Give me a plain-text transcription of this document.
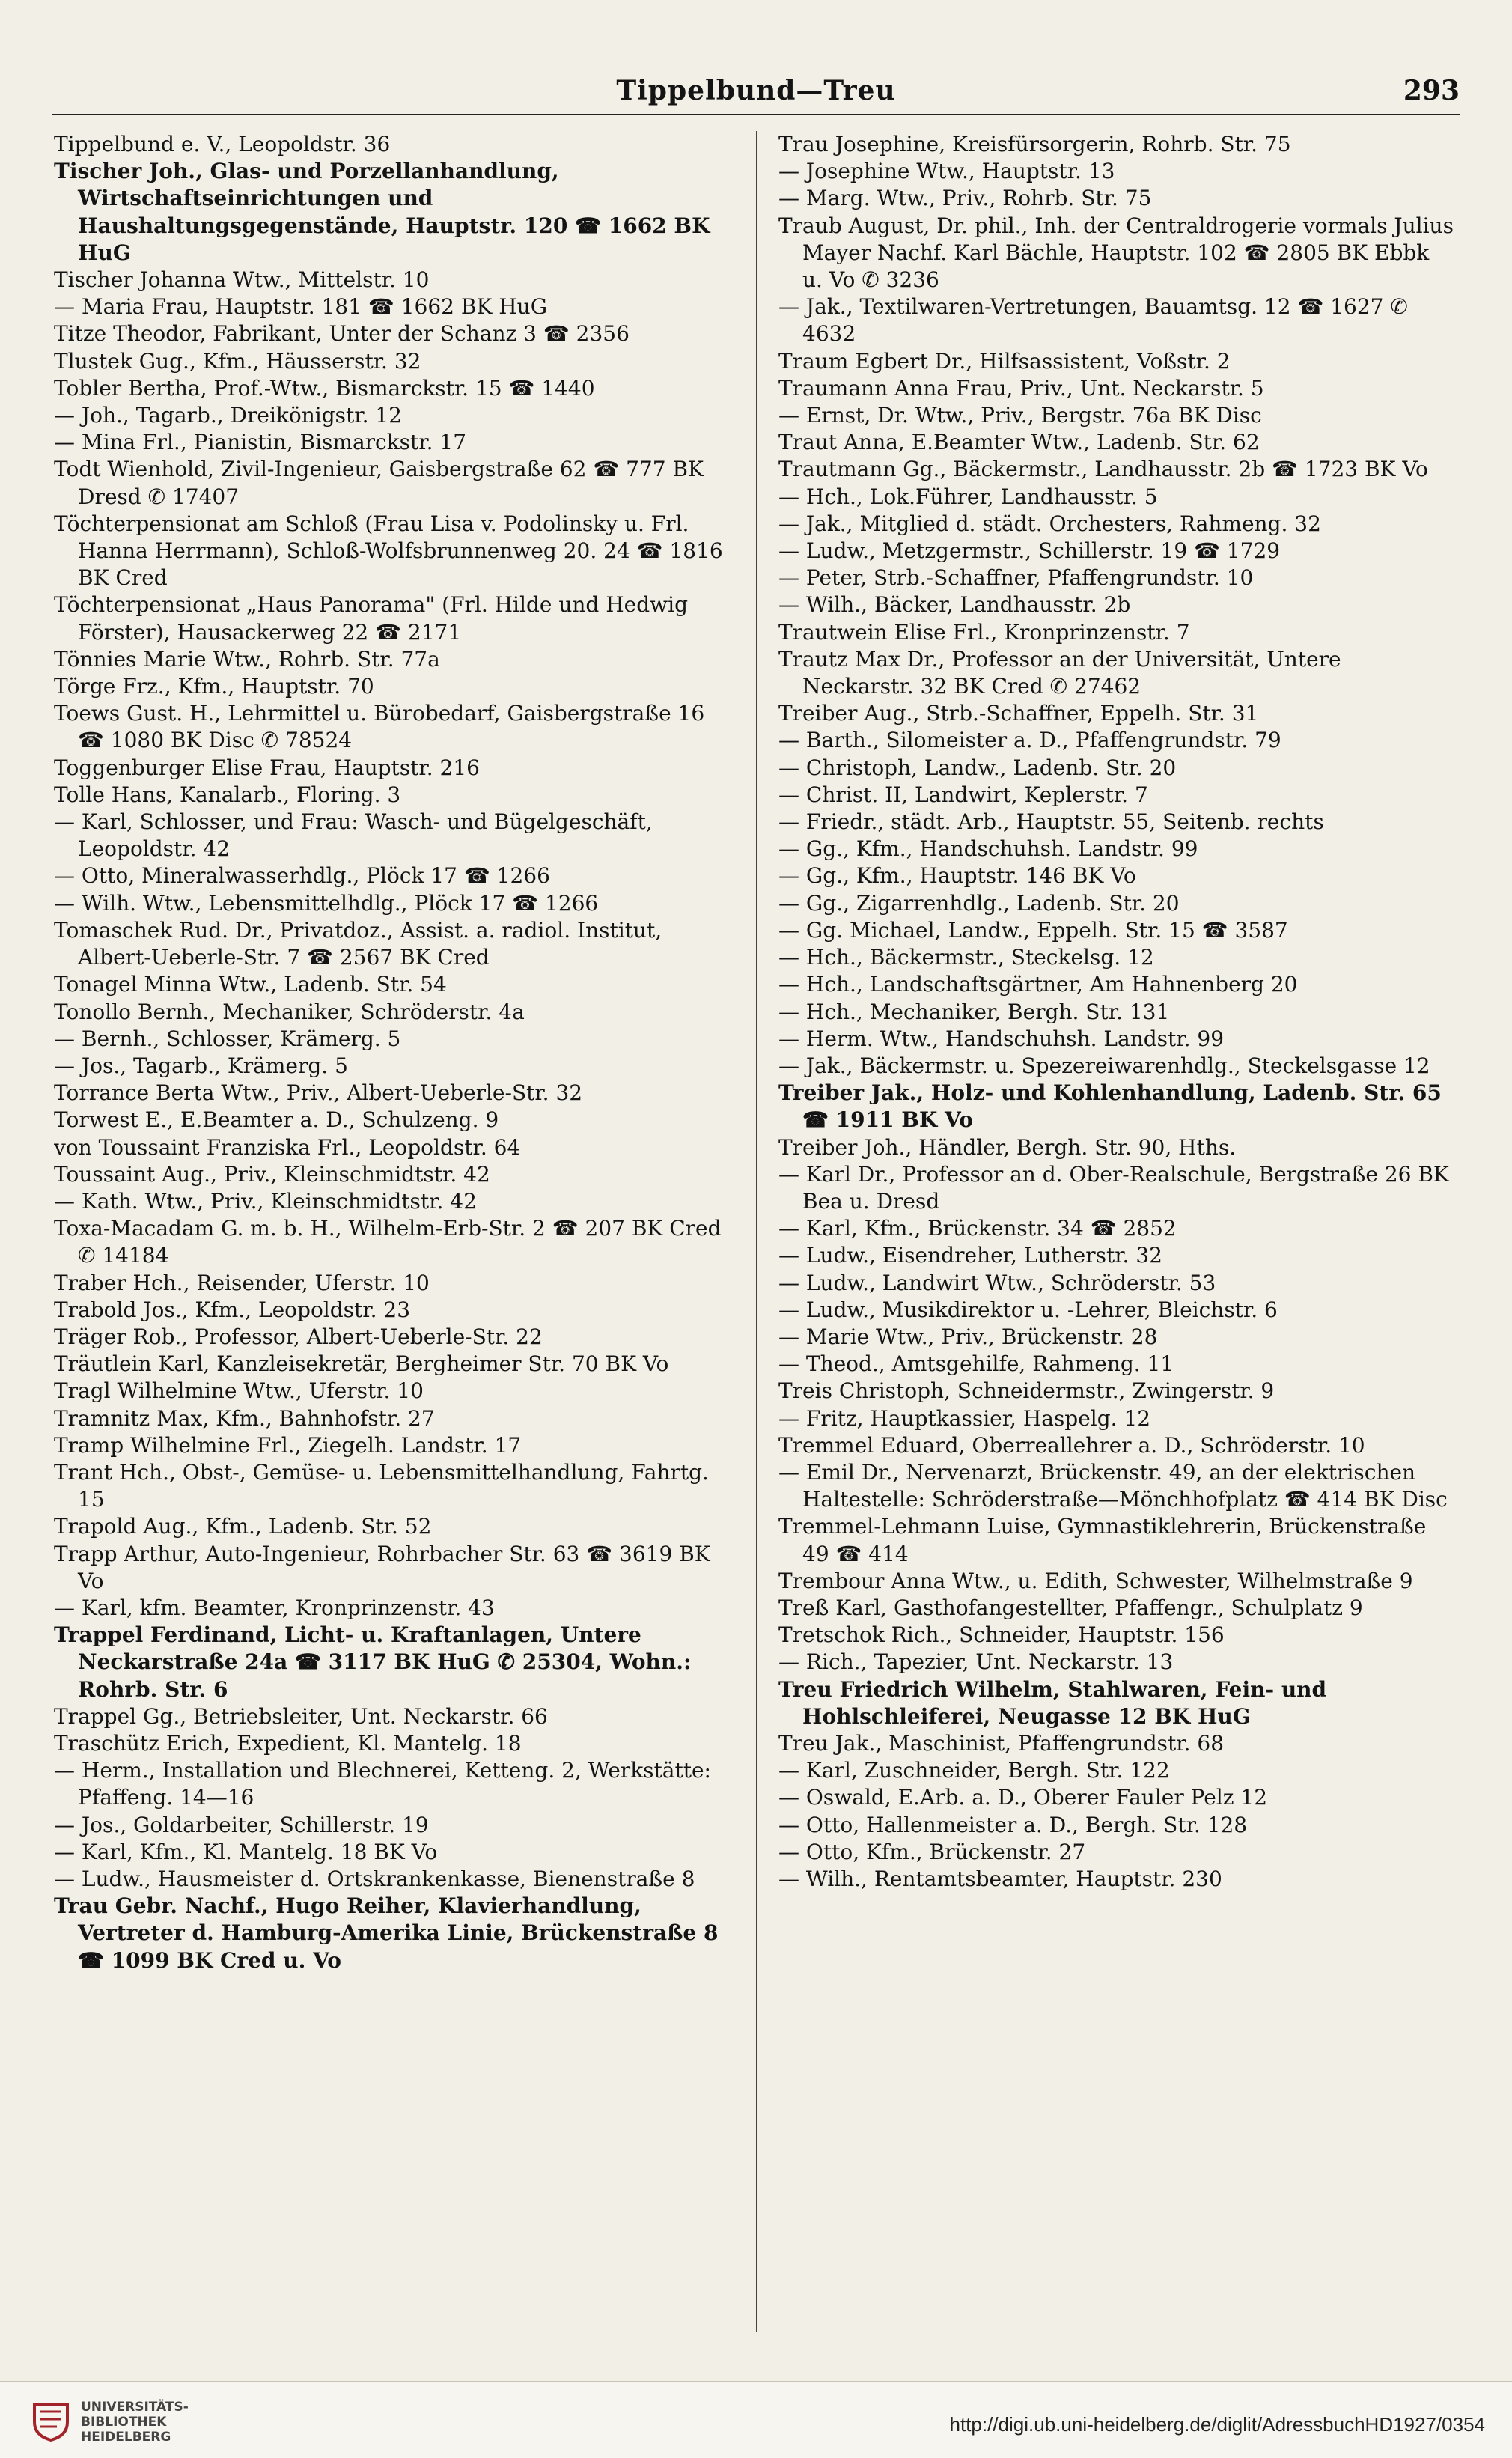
Tippelbund—Treu	293

Tippelbund e. V., Leopoldstr. 36

Tischer Joh., Glas- und Porzellanhandlung, Wirtschaftseinrichtungen und Haushaltungsgegenstände, Hauptstr. 120 ☎ 1662 BK HuG

Tischer Johanna Wtw., Mittelstr. 10

— Maria Frau, Hauptstr. 181 ☎ 1662 BK HuG

Titze Theodor, Fabrikant, Unter der Schanz 3 ☎ 2356

Tlustek Gug., Kfm., Häusserstr. 32

Tobler Bertha, Prof.-Wtw., Bismarckstr. 15 ☎ 1440

— Joh., Tagarb., Dreikönigstr. 12

— Mina Frl., Pianistin, Bismarckstr. 17

Todt Wienhold, Zivil-Ingenieur, Gaisbergstraße 62 ☎ 777 BK Dresd ✆ 17407

Töchterpensionat am Schloß (Frau Lisa v. Podolinsky u. Frl. Hanna Herrmann), Schloß-Wolfsbrunnenweg 20. 24 ☎ 1816 BK Cred

Töchterpensionat „Haus Panorama" (Frl. Hilde und Hedwig Förster), Hausackerweg 22 ☎ 2171

Tönnies Marie Wtw., Rohrb. Str. 77a

Törge Frz., Kfm., Hauptstr. 70

Toews Gust. H., Lehrmittel u. Bürobedarf, Gaisbergstraße 16 ☎ 1080 BK Disc ✆ 78524

Toggenburger Elise Frau, Hauptstr. 216

Tolle Hans, Kanalarb., Floring. 3

— Karl, Schlosser, und Frau: Wasch- und Bügelgeschäft, Leopoldstr. 42

— Otto, Mineralwasserhdlg., Plöck 17 ☎ 1266

— Wilh. Wtw., Lebensmittelhdlg., Plöck 17 ☎ 1266

Tomaschek Rud. Dr., Privatdoz., Assist. a. radiol. Institut, Albert-Ueberle-Str. 7 ☎ 2567 BK Cred

Tonagel Minna Wtw., Ladenb. Str. 54

Tonollo Bernh., Mechaniker, Schröderstr. 4a

— Bernh., Schlosser, Krämerg. 5

— Jos., Tagarb., Krämerg. 5

Torrance Berta Wtw., Priv., Albert-Ueberle-Str. 32

Torwest E., E.Beamter a. D., Schulzeng. 9

von Toussaint Franziska Frl., Leopoldstr. 64

Toussaint Aug., Priv., Kleinschmidtstr. 42

— Kath. Wtw., Priv., Kleinschmidtstr. 42

Toxa-Macadam G. m. b. H., Wilhelm-Erb-Str. 2 ☎ 207 BK Cred ✆ 14184

Traber Hch., Reisender, Uferstr. 10

Trabold Jos., Kfm., Leopoldstr. 23

Träger Rob., Professor, Albert-Ueberle-Str. 22

Träutlein Karl, Kanzleisekretär, Bergheimer Str. 70 BK Vo

Tragl Wilhelmine Wtw., Uferstr. 10

Tramnitz Max, Kfm., Bahnhofstr. 27

Tramp Wilhelmine Frl., Ziegelh. Landstr. 17

Trant Hch., Obst-, Gemüse- u. Lebensmittelhandlung, Fahrtg. 15

Trapold Aug., Kfm., Ladenb. Str. 52

Trapp Arthur, Auto-Ingenieur, Rohrbacher Str. 63 ☎ 3619 BK Vo

— Karl, kfm. Beamter, Kronprinzenstr. 43

Trappel Ferdinand, Licht- u. Kraftanlagen, Untere Neckarstraße 24a ☎ 3117 BK HuG ✆ 25304, Wohn.: Rohrb. Str. 6

Trappel Gg., Betriebsleiter, Unt. Neckarstr. 66

Traschütz Erich, Expedient, Kl. Mantelg. 18

— Herm., Installation und Blechnerei, Ketteng. 2, Werkstätte: Pfaffeng. 14—16

— Jos., Goldarbeiter, Schillerstr. 19

— Karl, Kfm., Kl. Mantelg. 18 BK Vo

— Ludw., Hausmeister d. Ortskrankenkasse, Bienenstraße 8

Trau Gebr. Nachf., Hugo Reiher, Klavierhandlung, Vertreter d. Hamburg-Amerika Linie, Brückenstraße 8 ☎ 1099 BK Cred u. Vo

Trau Josephine, Kreisfürsorgerin, Rohrb. Str. 75

— Josephine Wtw., Hauptstr. 13

— Marg. Wtw., Priv., Rohrb. Str. 75

Traub August, Dr. phil., Inh. der Centraldrogerie vormals Julius Mayer Nachf. Karl Bächle, Hauptstr. 102 ☎ 2805 BK Ebbk u. Vo ✆ 3236

— Jak., Textilwaren-Vertretungen, Bauamtsg. 12 ☎ 1627 ✆ 4632

Traum Egbert Dr., Hilfsassistent, Voßstr. 2

Traumann Anna Frau, Priv., Unt. Neckarstr. 5

— Ernst, Dr. Wtw., Priv., Bergstr. 76a BK Disc

Traut Anna, E.Beamter Wtw., Ladenb. Str. 62

Trautmann Gg., Bäckermstr., Landhausstr. 2b ☎ 1723 BK Vo

— Hch., Lok.Führer, Landhausstr. 5

— Jak., Mitglied d. städt. Orchesters, Rahmeng. 32

— Ludw., Metzgermstr., Schillerstr. 19 ☎ 1729

— Peter, Strb.-Schaffner, Pfaffengrundstr. 10

— Wilh., Bäcker, Landhausstr. 2b

Trautwein Elise Frl., Kronprinzenstr. 7

Trautz Max Dr., Professor an der Universität, Untere Neckarstr. 32 BK Cred ✆ 27462

Treiber Aug., Strb.-Schaffner, Eppelh. Str. 31

— Barth., Silomeister a. D., Pfaffengrundstr. 79

— Christoph, Landw., Ladenb. Str. 20

— Christ. II, Landwirt, Keplerstr. 7

— Friedr., städt. Arb., Hauptstr. 55, Seitenb. rechts

— Gg., Kfm., Handschuhsh. Landstr. 99

— Gg., Kfm., Hauptstr. 146 BK Vo

— Gg., Zigarrenhdlg., Ladenb. Str. 20

— Gg. Michael, Landw., Eppelh. Str. 15 ☎ 3587

— Hch., Bäckermstr., Steckelsg. 12

— Hch., Landschaftsgärtner, Am Hahnenberg 20

— Hch., Mechaniker, Bergh. Str. 131

— Herm. Wtw., Handschuhsh. Landstr. 99

— Jak., Bäckermstr. u. Spezereiwarenhdlg., Steckelsgasse 12

Treiber Jak., Holz- und Kohlenhandlung, Ladenb. Str. 65 ☎ 1911 BK Vo

Treiber Joh., Händler, Bergh. Str. 90, Hths.

— Karl Dr., Professor an d. Ober-Realschule, Bergstraße 26 BK Bea u. Dresd

— Karl, Kfm., Brückenstr. 34 ☎ 2852

— Ludw., Eisendreher, Lutherstr. 32

— Ludw., Landwirt Wtw., Schröderstr. 53

— Ludw., Musikdirektor u. -Lehrer, Bleichstr. 6

— Marie Wtw., Priv., Brückenstr. 28

— Theod., Amtsgehilfe, Rahmeng. 11

Treis Christoph, Schneidermstr., Zwingerstr. 9

— Fritz, Hauptkassier, Haspelg. 12

Tremmel Eduard, Oberreallehrer a. D., Schröderstr. 10

— Emil Dr., Nervenarzt, Brückenstr. 49, an der elektrischen Haltestelle: Schröderstraße—Mönchhofplatz ☎ 414 BK Disc

Tremmel-Lehmann Luise, Gymnastiklehrerin, Brückenstraße 49 ☎ 414

Trembour Anna Wtw., u. Edith, Schwester, Wilhelmstraße 9

Treß Karl, Gasthofangestellter, Pfaffengr., Schulplatz 9

Tretschok Rich., Schneider, Hauptstr. 156

— Rich., Tapezier, Unt. Neckarstr. 13

Treu Friedrich Wilhelm, Stahlwaren, Fein- und Hohlschleiferei, Neugasse 12 BK HuG

Treu Jak., Maschinist, Pfaffengrundstr. 68

— Karl, Zuschneider, Bergh. Str. 122

— Oswald, E.Arb. a. D., Oberer Fauler Pelz 12

— Otto, Hallenmeister a. D., Bergh. Str. 128

— Otto, Kfm., Brückenstr. 27

— Wilh., Rentamtsbeamter, Hauptstr. 230

UNIVERSITÄTS-
BIBLIOTHEK
HEIDELBERG
http://digi.ub.uni-heidelberg.de/diglit/AdressbuchHD1927/0354
